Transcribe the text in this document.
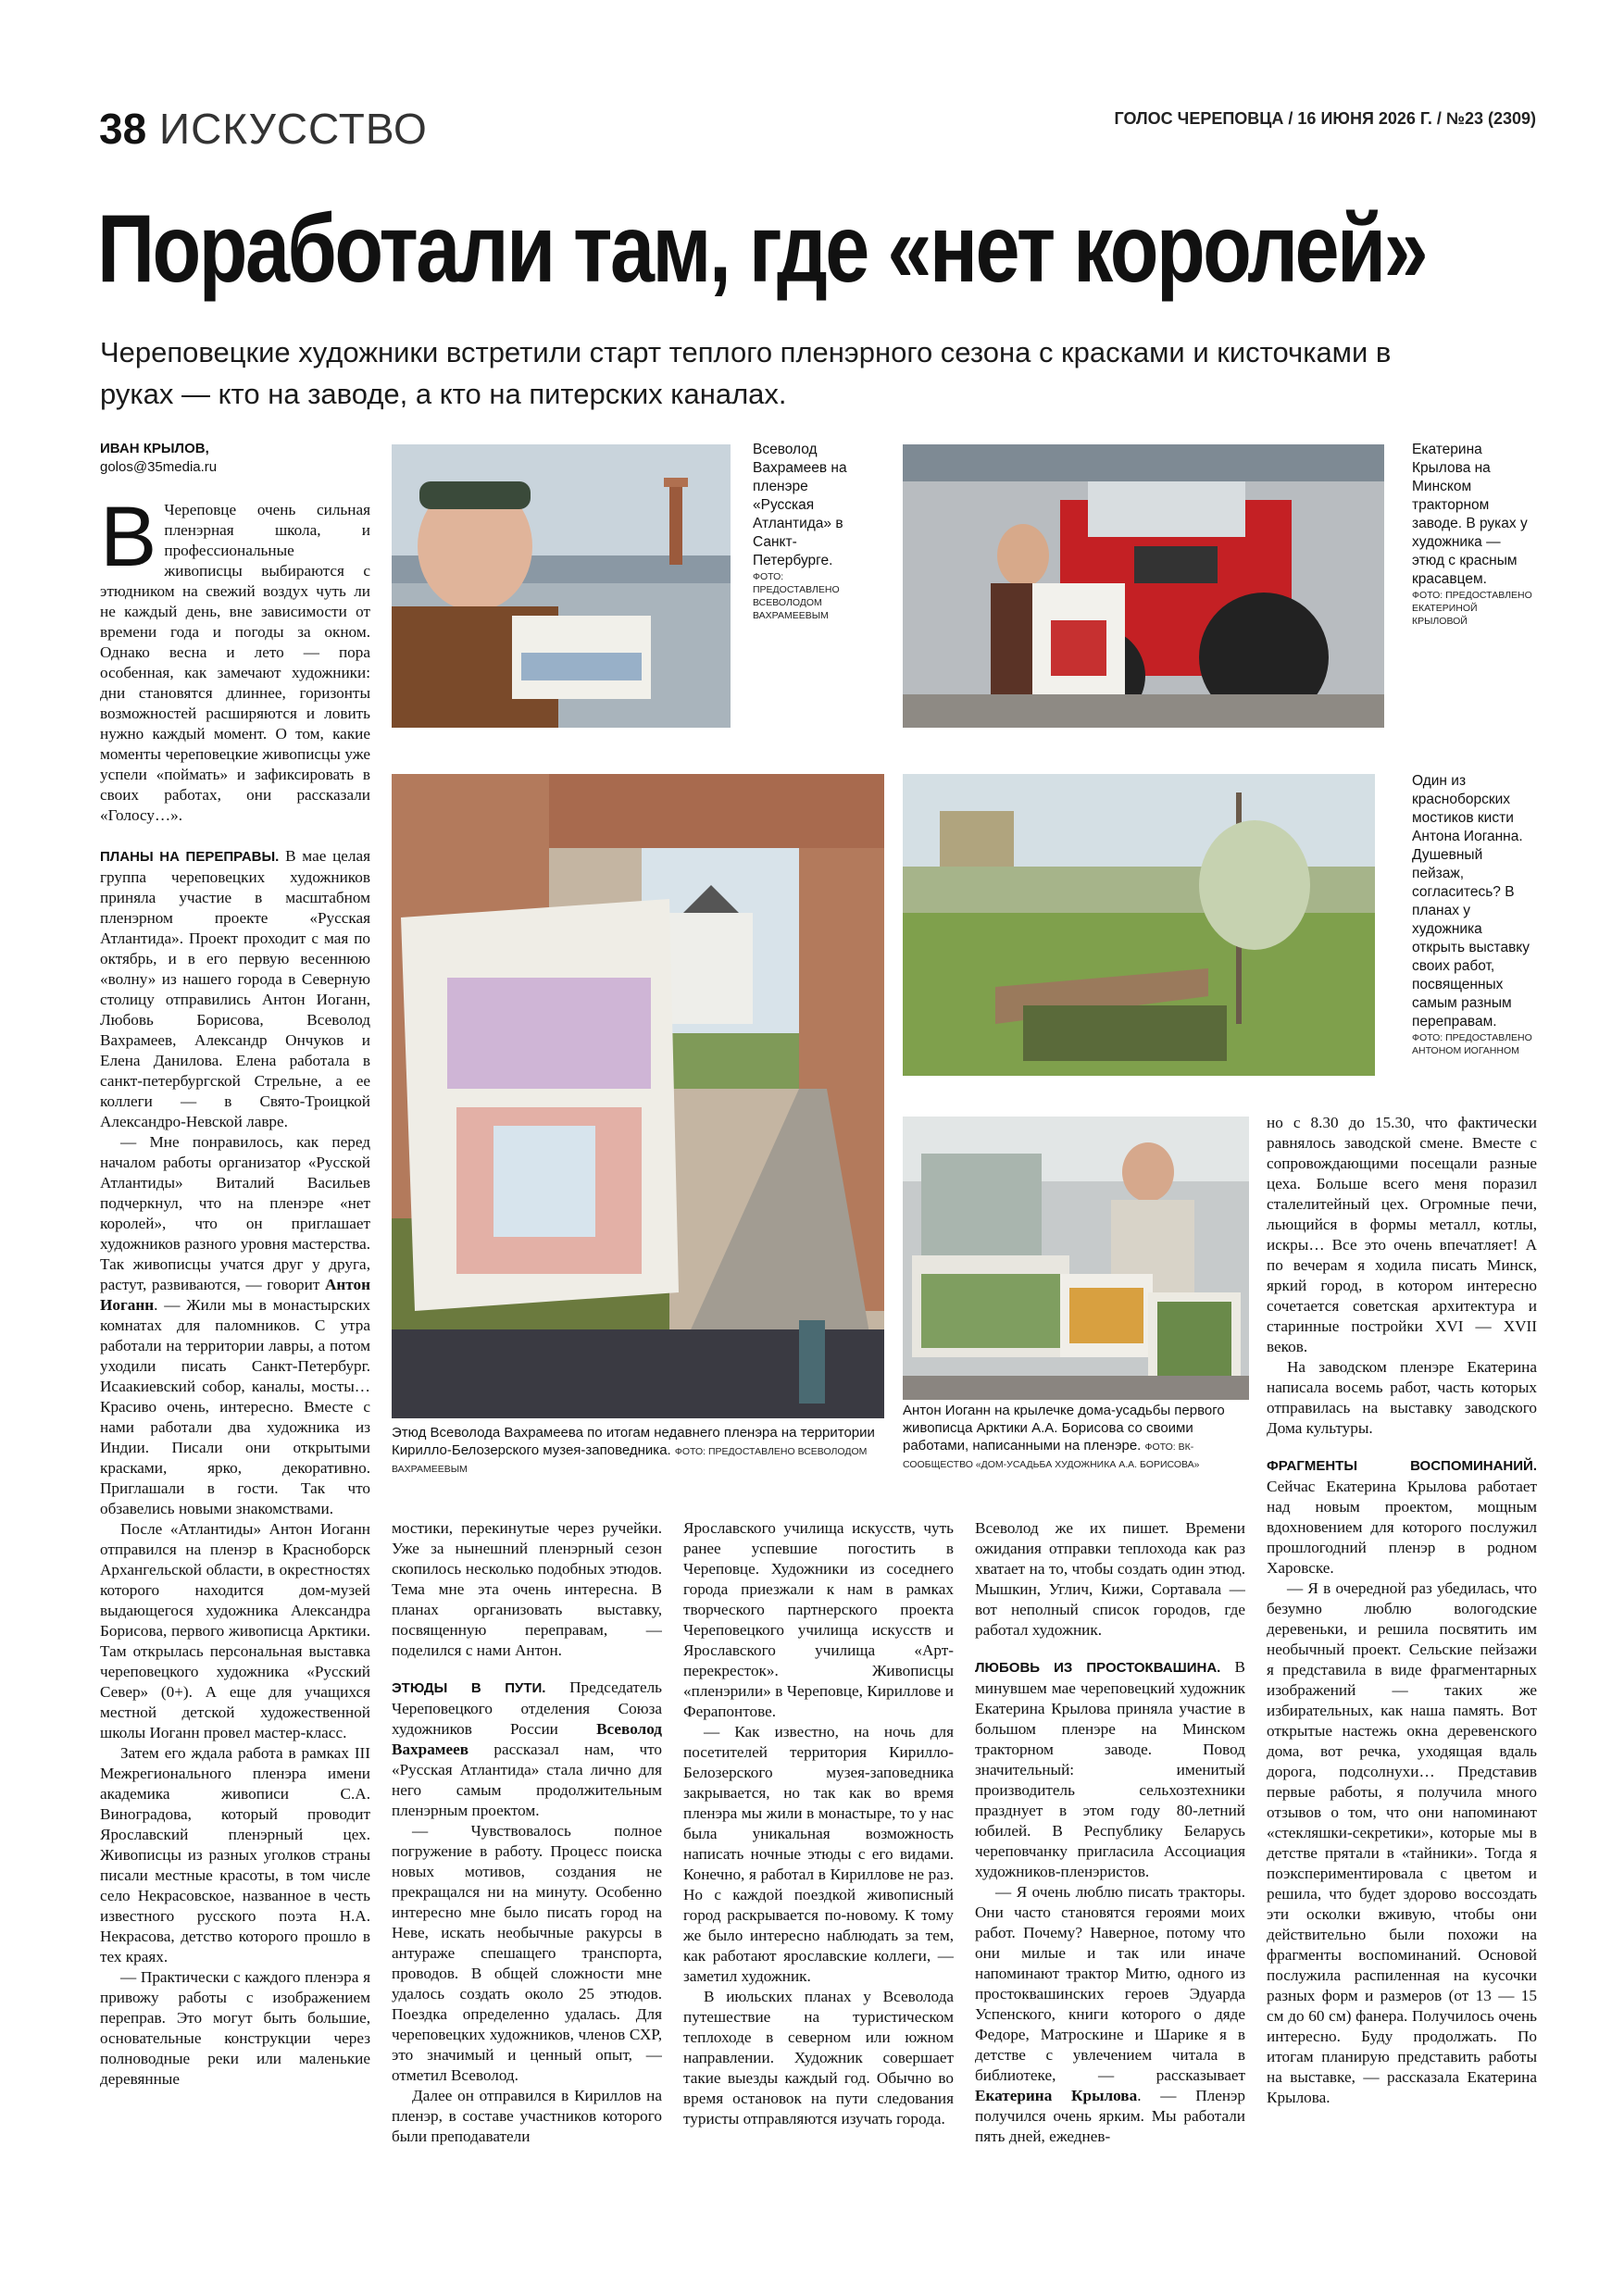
38 ИСКУССТВО	ГОЛОС ЧЕРЕПОВЦА / 16 ИЮНЯ 2026 Г. / №23 (2309)
Поработали там, где «нет королей»
Череповецкие художники встретили старт теплого пленэрного сезона с красками и кисточками в руках — кто на заводе, а кто на питерских каналах.
ИВАН КРЫЛОВ,
golos@35media.ru
Всеволод Вахрамеев на пленэре «Русская Атлантида» в Санкт-Петербурге.
ФОТО: ПРЕДОСТАВЛЕНО ВСЕВОЛОДОМ ВАХРАМЕЕВЫМ
Екатерина Крылова на Минском тракторном заводе. В руках у художника — этюд с красным красавцем.
ФОТО: ПРЕДОСТАВЛЕНО ЕКАТЕРИНОЙ КРЫЛОВОЙ
Этюд Всеволода Вахрамеева по итогам недавнего пленэра на территории Кирилло-Белозерского музея-заповедника. ФОТО: ПРЕДОСТАВЛЕНО ВСЕВОЛОДОМ ВАХРАМЕЕВЫМ
Один из красноборских мостиков кисти Антона Иоганна. Душевный пейзаж, согласитесь? В планах у художника открыть выставку своих работ, посвященных самым разным переправам.
ФОТО: ПРЕДОСТАВЛЕНО АНТОНОМ ИОГАННОМ
Антон Иоганн на крылечке дома-усадьбы первого живописца Арктики А.А. Борисова со своими работами, написанными на пленэре. ФОТО: ВК-СООБЩЕСТВО «ДОМ-УСАДЬБА ХУДОЖНИКА А.А. БОРИСОВА»

В Череповце очень сильная пленэрная школа, и профессиональные живописцы выбираются с этюдником на свежий воздух чуть ли не каждый день, вне зависимости от времени года и погоды за окном. Однако весна и лето — пора особенная, как замечают художники: дни становятся длиннее, горизонты возможностей расширяются и ловить нужно каждый момент. О том, какие моменты череповецкие живописцы уже успели «поймать» и зафиксировать в своих работах, они рассказали «Голосу…».

ПЛАНЫ НА ПЕРЕПРАВЫ. В мае целая группа череповецких художников приняла участие в масштабном пленэрном проекте «Русская Атлантида». Проект проходит с мая по октябрь, и в его первую весеннюю «волну» из нашего города в Северную столицу отправились Антон Иоганн, Любовь Борисова, Всеволод Вахрамеев, Александр Ончуков и Елена Данилова. Елена работала в санкт-петербургской Стрельне, а ее коллеги — в Свято-Троицкой Александро-Невской лавре.

— Мне понравилось, как перед началом работы организатор «Русской Атлантиды» Виталий Васильев подчеркнул, что на пленэре «нет королей», что он приглашает художников разного уровня мастерства. Так живописцы учатся друг у друга, растут, развиваются, — говорит Антон Иоганн. — Жили мы в монастырских комнатах для паломников. С утра работали на территории лавры, а потом уходили писать Санкт-Петербург. Исаакиевский собор, каналы, мосты… Красиво очень, интересно. Вместе с нами работали два художника из Индии. Писали они открытыми красками, ярко, декоративно. Приглашали в гости. Так что обзавелись новыми знакомствами.

После «Атлантиды» Антон Иоганн отправился на пленэр в Красноборск Архангельской области, в окрестностях которого находится дом-музей выдающегося художника Александра Борисова, первого живописца Арктики. Там открылась персональная выставка череповецкого художника «Русский Север» (0+). А еще для учащихся местной детской художественной школы Иоганн провел мастер-класс.

Затем его ждала работа в рамках III Межрегионального пленэра имени академика живописи С.А. Виноградова, который проводит Ярославский пленэрный цех. Живописцы из разных уголков страны писали местные красоты, в том числе село Некрасовское, названное в честь известного русского поэта Н.А. Некрасова, детство которого прошло в тех краях.

— Практически с каждого пленэра я привожу работы с изображением переправ. Это могут быть большие, основательные конструкции через полноводные реки или маленькие деревянные

мостики, перекинутые через ручейки. Уже за нынешний пленэрный сезон скопилось несколько подобных этюдов. Тема мне эта очень интересна. В планах организовать выставку, посвященную переправам, — поделился с нами Антон.

ЭТЮДЫ В ПУТИ. Председатель Череповецкого отделения Союза художников России Всеволод Вахрамеев рассказал нам, что «Русская Атлантида» стала лично для него самым продолжительным пленэрным проектом.

— Чувствовалось полное погружение в работу. Процесс поиска новых мотивов, создания не прекращался ни на минуту. Особенно интересно мне было писать город на Неве, искать необычные ракурсы в антураже спешащего транспорта, проводов. В общей сложности мне удалось создать около 25 этюдов. Поездка определенно удалась. Для череповецких художников, членов СХР, это значимый и ценный опыт, — отметил Всеволод.

Далее он отправился в Кириллов на пленэр, в составе участников которого были преподаватели

Ярославского училища искусств, чуть ранее успевшие погостить в Череповце. Художники из соседнего города приезжали к нам в рамках творческого партнерского проекта Череповецкого училища искусств и Ярославского училища «Арт-перекресток». Живописцы «пленэрили» в Череповце, Кириллове и Ферапонтове.

— Как известно, на ночь для посетителей территория Кирилло-Белозерского музея-заповедника закрывается, но так как во время пленэра мы жили в монастыре, то у нас была уникальная возможность написать ночные этюды с его видами. Конечно, я работал в Кириллове не раз. Но с каждой поездкой живописный город раскрывается по-новому. К тому же было интересно наблюдать за тем, как работают ярославские коллеги, — заметил художник.

В июльских планах у Всеволода путешествие на туристическом теплоходе в северном или южном направлении. Художник совершает такие выезды каждый год. Обычно во время остановок на пути следования туристы отправляются изучать города.

Всеволод же их пишет. Времени ожидания отправки теплохода как раз хватает на то, чтобы создать один этюд. Мышкин, Углич, Кижи, Сортавала — вот неполный список городов, где работал художник.

ЛЮБОВЬ ИЗ ПРОСТОКВАШИНА. В минувшем мае череповецкий художник Екатерина Крылова приняла участие в большом пленэре на Минском тракторном заводе. Повод значительный: именитый производитель сельхозтехники празднует в этом году 80-летний юбилей. В Республику Беларусь череповчанку пригласила Ассоциация художников-пленэристов.

— Я очень люблю писать тракторы. Они часто становятся героями моих работ. Почему? Наверное, потому что они милые и так или иначе напоминают трактор Митю, одного из простоквашинских героев Эдуарда Успенского, книги которого о дяде Федоре, Матроскине и Шарике я в детстве с увлечением читала в библиотеке, — рассказывает Екатерина Крылова. — Пленэр получился очень ярким. Мы работали пять дней, ежеднев-

но с 8.30 до 15.30, что фактически равнялось заводской смене. Вместе с сопровождающими посещали разные цеха. Больше всего меня поразил сталелитейный цех. Огромные печи, льющийся в формы металл, котлы, искры… Все это очень впечатляет! А по вечерам я ходила писать Минск, яркий город, в котором интересно сочетается советская архитектура и старинные постройки XVI — XVII веков.

На заводском пленэре Екатерина написала восемь работ, часть которых отправилась на выставку заводского Дома культуры.

ФРАГМЕНТЫ ВОСПОМИНАНИЙ. Сейчас Екатерина Крылова работает над новым проектом, мощным вдохновением для которого послужил прошлогодний пленэр в родном Харовске.

— Я в очередной раз убедилась, что безумно люблю вологодские деревеньки, и решила посвятить им необычный проект. Сельские пейзажи я представила в виде фрагментарных изображений — таких же избирательных, как наша память. Вот открытые настежь окна деревенского дома, вот речка, уходящая вдаль дорога, подсолнухи… Представив первые работы, я получила много отзывов о том, что они напоминают «стекляшки-секретики», которые мы в детстве прятали в «тайники». Тогда я поэкспериментировала с цветом и решила, что будет здорово воссоздать эти осколки вживую, чтобы они действительно были похожи на фрагменты воспоминаний. Основой послужила распиленная на кусочки разных форм и размеров (от 13 — 15 см до 60 см) фанера. Получилось очень интересно. Буду продолжать. По итогам планирую представить работы на выставке, — рассказала Екатерина Крылова.
